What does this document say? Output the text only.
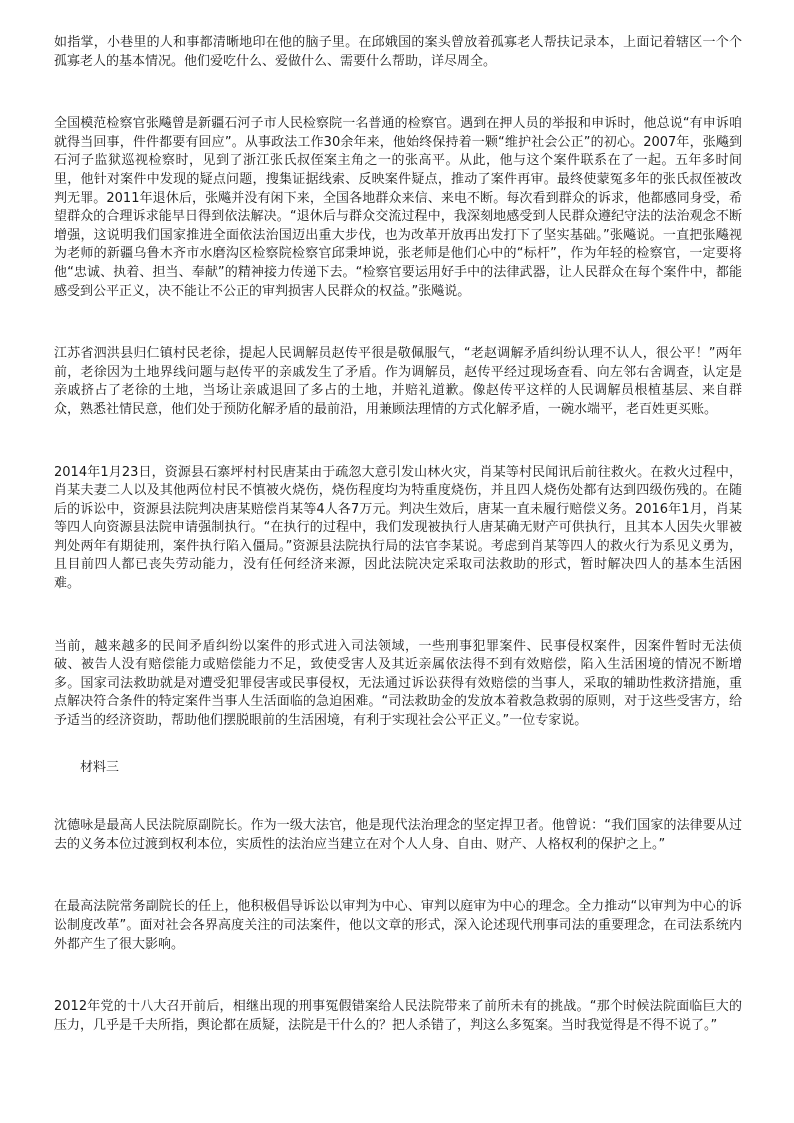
如指掌，小巷里的人和事都清晰地印在他的脑子里。在邱娥国的案头曾放着孤寡老人帮扶记录本，上面记着辖区一个个孤寡老人的基本情况。他们爱吃什么、爱做什么、需要什么帮助，详尽周全。

全国模范检察官张飚曾是新疆石河子市人民检察院一名普通的检察官。遇到在押人员的举报和申诉时，他总说“有申诉咱就得当回事，件件都要有回应”。从事政法工作30余年来，他始终保持着一颗“维护社会公正”的初心。2007年，张飚到石河子监狱巡视检察时，见到了浙江张氏叔侄案主角之一的张高平。从此，他与这个案件联系在了一起。五年多时间里，他针对案件中发现的疑点问题，搜集证据线索、反映案件疑点，推动了案件再审。最终使蒙冤多年的张氏叔侄被改判无罪。2011年退休后，张飚并没有闲下来，全国各地群众来信、来电不断。每次看到群众的诉求，他都感同身受，希望群众的合理诉求能早日得到依法解决。“退休后与群众交流过程中，我深刻地感受到人民群众遵纪守法的法治观念不断增强，这说明我们国家推进全面依法治国迈出重大步伐，也为改革开放再出发打下了坚实基础。”张飚说。一直把张飚视为老师的新疆乌鲁木齐市水磨沟区检察院检察官邱秉坤说，张老师是他们心中的“标杆”，作为年轻的检察官，一定要将他“忠诚、执着、担当、奉献”的精神接力传递下去。“检察官要运用好手中的法律武器，让人民群众在每个案件中，都能感受到公平正义，决不能让不公正的审判损害人民群众的权益。”张飚说。

江苏省泗洪县归仁镇村民老徐，提起人民调解员赵传平很是敬佩服气，“老赵调解矛盾纠纷认理不认人，很公平！”两年前，老徐因为土地界线问题与赵传平的亲戚发生了矛盾。作为调解员，赵传平经过现场查看、向左邻右舍调查，认定是亲戚挤占了老徐的土地，当场让亲戚退回了多占的土地，并赔礼道歉。像赵传平这样的人民调解员根植基层、来自群众，熟悉社情民意，他们处于预防化解矛盾的最前沿，用兼顾法理情的方式化解矛盾，一碗水端平，老百姓更买账。

2014年1月23日，资源县石寨坪村村民唐某由于疏忽大意引发山林火灾，肖某等村民闻讯后前往救火。在救火过程中，肖某夫妻二人以及其他两位村民不慎被火烧伤，烧伤程度均为特重度烧伤，并且四人烧伤处都有达到四级伤残的。在随后的诉讼中，资源县法院判决唐某赔偿肖某等4人各7万元。判决生效后，唐某一直未履行赔偿义务。2016年1月，肖某等四人向资源县法院申请强制执行。“在执行的过程中，我们发现被执行人唐某确无财产可供执行，且其本人因失火罪被判处两年有期徒刑，案件执行陷入僵局。”资源县法院执行局的法官李某说。考虑到肖某等四人的救火行为系见义勇为，且目前四人都已丧失劳动能力，没有任何经济来源，因此法院决定采取司法救助的形式，暂时解决四人的基本生活困难。

当前，越来越多的民间矛盾纠纷以案件的形式进入司法领域，一些刑事犯罪案件、民事侵权案件，因案件暂时无法侦破、被告人没有赔偿能力或赔偿能力不足，致使受害人及其近亲属依法得不到有效赔偿，陷入生活困境的情况不断增多。国家司法救助就是对遭受犯罪侵害或民事侵权，无法通过诉讼获得有效赔偿的当事人，采取的辅助性救济措施，重点解决符合条件的特定案件当事人生活面临的急迫困难。“司法救助金的发放本着救急救弱的原则，对于这些受害方，给予适当的经济资助，帮助他们摆脱眼前的生活困境，有利于实现社会公平正义。”一位专家说。

材料三

沈德咏是最高人民法院原副院长。作为一级大法官，他是现代法治理念的坚定捍卫者。他曾说：“我们国家的法律要从过去的义务本位过渡到权利本位，实质性的法治应当建立在对个人人身、自由、财产、人格权利的保护之上。”

在最高法院常务副院长的任上，他积极倡导诉讼以审判为中心、审判以庭审为中心的理念。全力推动“以审判为中心的诉讼制度改革”。面对社会各界高度关注的司法案件，他以文章的形式，深入论述现代刑事司法的重要理念，在司法系统内外都产生了很大影响。

2012年党的十八大召开前后，相继出现的刑事冤假错案给人民法院带来了前所未有的挑战。“那个时候法院面临巨大的压力，几乎是千夫所指，舆论都在质疑，法院是干什么的？把人杀错了，判这么多冤案。当时我觉得是不得不说了。”
